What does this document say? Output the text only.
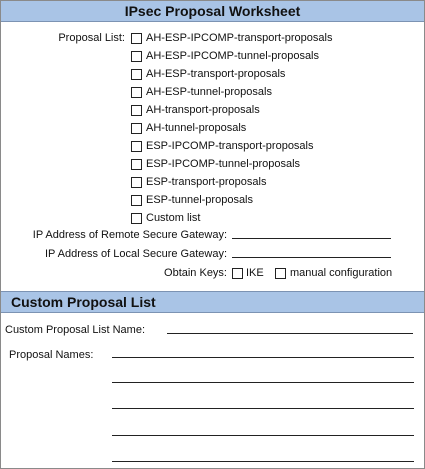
IPsec Proposal Worksheet
Proposal List: AH-ESP-IPCOMP-transport-proposals
AH-ESP-IPCOMP-tunnel-proposals
AH-ESP-transport-proposals
AH-ESP-tunnel-proposals
AH-transport-proposals
AH-tunnel-proposals
ESP-IPCOMP-transport-proposals
ESP-IPCOMP-tunnel-proposals
ESP-transport-proposals
ESP-tunnel-proposals
Custom list
IP Address of Remote Secure Gateway:
IP Address of Local Secure Gateway:
Obtain Keys: IKE manual configuration
Custom Proposal List
Custom Proposal List Name:
Proposal Names:
